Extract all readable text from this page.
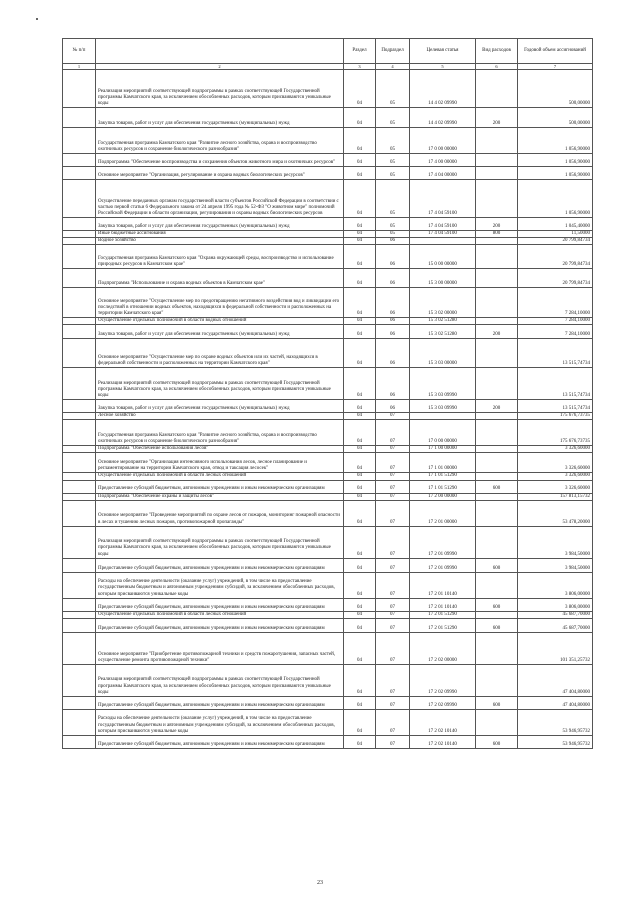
№ п/п		Раздел	Подраздел	Целевая статья	Вид расходов	Годовой объем ассигнований
1	2	3	4	5	6	7
	Реализация мероприятий соответствующей подпрограммы в рамках соответствующей Государственной программы Камчатского края, за исключением обособленных расходов, которым присваиваются уникальные коды	04	05	14 4 02 09990		500,00000
	Закупка товаров, работ и услуг для обеспечения государственных (муниципальных) нужд	04	05	14 4 02 09990	200	500,00000
	Государственная программа Камчатского края "Развитие лесного хозяйства, охрана и воспроизводство охотничьих ресурсов и сохранение биологического разнообразия"	04	05	17 0 00 00000		1 056,90000
	Подпрограмма "Обеспечение воспроизводства и сохранения объектов животного мира и охотничьих ресурсов"	04	05	17 4 00 00000		1 056,90000
	Основное мероприятие "Организация, регулирование и охрана водных биологических ресурсов"	04	05	17 4 04 00000		1 056,90000
	Осуществление переданных органам государственной власти субъектов Российской Федерации в соответствии с частью первой статьи 6 Федерального закона от 24 апреля 1995 года № 52-ФЗ "О животном мире" полномочий Российской Федерации в области организации, регулирования и охраны водных биологических ресурсов	04	05	17 4 04 59100		1 056,90000
	Закупка товаров, работ и услуг для обеспечения государственных (муниципальных) нужд	04	05	17 4 04 59100	200	1 045,40000
	Иные бюджетные ассигнования	04	05	17 4 04 59100	800	11,50000
	Водное хозяйство	04	06			20 799,84734
	Государственная программа Камчатского края "Охрана окружающей среды, воспроизводство и использование природных ресурсов в Камчатском крае"	04	06	15 0 00 00000		20 799,84734
	Подпрограмма "Использование и охрана водных объектов в Камчатском крае"	04	06	15 3 00 00000		20 799,84734
	Основное мероприятие "Осуществление мер по предотвращению негативного воздействия вод и ликвидации его последствий в отношении водных объектов, находящихся в федеральной собственности и расположенных на территории Камчатского края"	04	06	15 3 02 00000		7 284,10000
	Осуществление отдельных полномочий в области водных отношений	04	06	15 3 02 51280		7 284,10000
	Закупка товаров, работ и услуг для обеспечения государственных (муниципальных) нужд	04	06	15 3 02 51280	200	7 284,10000
	Основное мероприятие "Осуществление мер по охране водных объектов или их частей, находящихся в федеральной собственности и расположенных на территории Камчатского края"	04	06	15 3 03 00000		13 515,74734
	Реализация мероприятий соответствующей подпрограммы в рамках соответствующей Государственной программы Камчатского края, за исключением обособленных расходов, которым присваиваются уникальные коды	04	06	15 3 03 09990		13 515,74734
	Закупка товаров, работ и услуг для обеспечения государственных (муниципальных) нужд	04	06	15 3 03 09990	200	13 515,74734
	Лесное хозяйство	04	07			175 676,73735
	Государственная программа Камчатского края "Развитие лесного хозяйства, охрана и воспроизводство охотничьих ресурсов и сохранение биологического разнообразия"	04	07	17 0 00 00000		175 676,73735
	Подпрограмма "Обеспечение использования лесов"	04	07	17 1 00 00000		3 326,60000
	Основное мероприятие "Организация интенсивного использования лесов, лесное планирование и регламентирование на территории Камчатского края, отвод и таксация лесосек"	04	07	17 1 01 00000		3 326,60000
	Осуществление отдельных полномочий в области лесных отношений	04	07	17 1 01 51290		3 326,60000
	Предоставление субсидий бюджетным, автономным учреждениям и иным некоммерческим организациям	04	07	17 1 01 51290	600	3 326,60000
	Подпрограмма "Обеспечение охраны и защиты лесов"	04	07	17 2 00 00000		157 813,15732
	Основное мероприятие "Проведение мероприятий по охране лесов от пожаров, мониторинг пожарной опасности в лесах и тушению лесных пожаров, противопожарной пропаганды"	04	07	17 2 01 00000		53 478,20000
	Реализация мероприятий соответствующей подпрограммы в рамках соответствующей Государственной программы Камчатского края, за исключением обособленных расходов, которым присваиваются уникальные коды	04	07	17 2 01 09990		3 984,50000
	Предоставление субсидий бюджетным, автономным учреждениям и иным некоммерческим организациям	04	07	17 2 01 09990	600	3 984,50000
	Расходы на обеспечение деятельности (оказание услуг) учреждений, в том числе на предоставление государственным бюджетным и автономным учреждениям субсидий, за исключением обособленных расходов, которым присваиваются уникальные коды	04	07	17 2 01 10140		3 806,00000
	Предоставление субсидий бюджетным, автономным учреждениям и иным некоммерческим организациям	04	07	17 2 01 10140	600	3 806,00000
	Осуществление отдельных полномочий в области лесных отношений	04	07	17 2 01 51290		45 687,70000
	Предоставление субсидий бюджетным, автономным учреждениям и иным некоммерческим организациям	04	07	17 2 01 51290	600	45 687,70000
	Основное мероприятие "Приобретение противопожарной техники и средств пожаротушения, запасных частей, осуществление ремонта противопожарной техники"	04	07	17 2 02 00000		101 351,25732
	Реализация мероприятий соответствующей подпрограммы в рамках соответствующей Государственной программы Камчатского края, за исключением обособленных расходов, которым присваиваются уникальные коды	04	07	17 2 02 09990		47 404,80000
	Предоставление субсидий бюджетным, автономным учреждениям и иным некоммерческим организациям	04	07	17 2 02 09990	600	47 404,80000
	Расходы на обеспечение деятельности (оказание услуг) учреждений, в том числе на предоставление государственным бюджетным и автономным учреждениям субсидий, за исключением обособленных расходов, которым присваиваются уникальные коды	04	07	17 2 02 10140		53 946,95732
	Предоставление субсидий бюджетным, автономным учреждениям и иным некоммерческим организациям	04	07	17 2 02 10140	600	53 946,95732
23
